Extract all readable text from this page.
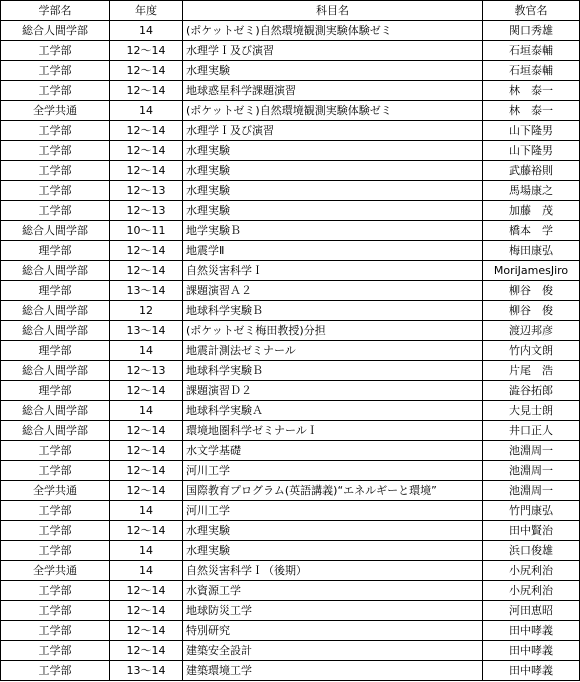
学部名	年度	科目名	教官名
総合人間学部	14	(ポケットゼミ)自然環境観測実験体験ゼミ	関口秀雄
工学部	12～14	水理学Ｉ及び演習	石垣泰輔
工学部	12～14	水理実験	石垣泰輔
工学部	12～14	地球惑星科学課題演習	林　泰一
全学共通	14	(ポケットゼミ)自然環境観測実験体験ゼミ	林　泰一
工学部	12～14	水理学Ｉ及び演習	山下隆男
工学部	12～14	水理実験	山下隆男
工学部	12～14	水理実験	武藤裕則
工学部	12～13	水理実験	馬場康之
工学部	12～13	水理実験	加藤　茂
総合人間学部	10～11	地学実験Ｂ	橋本　学
理学部	12～14	地震学Ⅱ	梅田康弘
総合人間学部	12～14	自然災害科学Ｉ	MoriJamesJiro
理学部	13～14	課題演習Ａ２	柳谷　俊
総合人間学部	12	地球科学実験Ｂ	柳谷　俊
総合人間学部	13～14	(ポケットゼミ梅田教授)分担	渡辺邦彦
理学部	14	地震計測法ゼミナール	竹内文朗
総合人間学部	12～13	地球科学実験Ｂ	片尾　浩
理学部	12～14	課題演習Ｄ２	澁谷拓郎
総合人間学部	14	地球科学実験Ａ	大見士朗
総合人間学部	12～14	環境地圏科学ゼミナールＩ	井口正人
工学部	12～14	水文学基礎	池淵周一
工学部	12～14	河川工学	池淵周一
全学共通	12～14	国際教育プログラム(英語講義)“エネルギーと環境”	池淵周一
工学部	14	河川工学	竹門康弘
工学部	12～14	水理実験	田中賢治
工学部	14	水理実験	浜口俊雄
全学共通	14	自然災害科学Ｉ（後期）	小尻利治
工学部	12～14	水資源工学	小尻利治
工学部	12～14	地球防災工学	河田恵昭
工学部	12～14	特別研究	田中哮義
工学部	12～14	建築安全設計	田中哮義
工学部	13～14	建築環境工学	田中哮義
